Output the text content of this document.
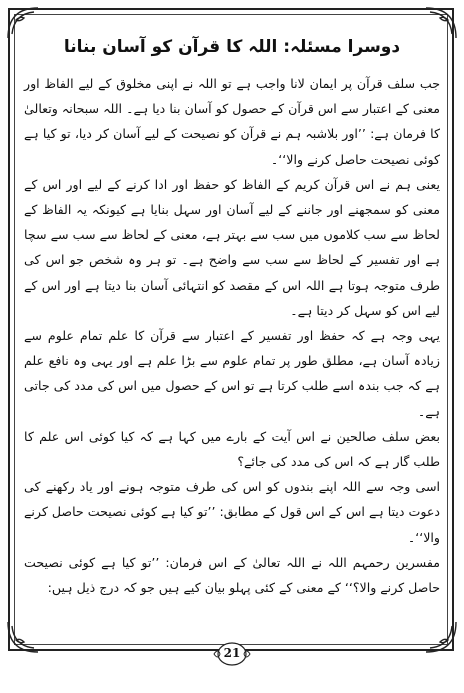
دوسرا مسئلہ: اللہ کا قرآن کو آسان بنانا

جب سلف قرآن پر ایمان لانا واجب ہے تو اللہ نے اپنی مخلوق کے لیے الفاظ اور معنی کے اعتبار سے اس قرآن کے حصول کو آسان بنا دیا ہے۔ اللہ سبحانہ وتعالیٰ کا فرمان ہے: ’’اور بلاشبہ ہم نے قرآن کو نصیحت کے لیے آسان کر دیا، تو کیا ہے کوئی نصیحت حاصل کرنے والا‘‘۔

یعنی ہم نے اس قرآن کریم کے الفاظ کو حفظ اور ادا کرنے کے لیے اور اس کے معنی کو سمجھنے اور جاننے کے لیے آسان اور سہل بنایا ہے کیونکہ یہ الفاظ کے لحاظ سے سب کلاموں میں سب سے بہتر ہے، معنی کے لحاظ سے سب سے سچا ہے اور تفسیر کے لحاظ سے سب سے واضح ہے۔ تو ہر وہ شخص جو اس کی طرف متوجہ ہوتا ہے اللہ اس کے مقصد کو انتہائی آسان بنا دیتا ہے اور اس کے لیے اس کو سہل کر دیتا ہے۔

یہی وجہ ہے کہ حفظ اور تفسیر کے اعتبار سے قرآن کا علم تمام علوم سے زیادہ آسان ہے، مطلق طور پر تمام علوم سے بڑا علم ہے اور یہی وہ نافع علم ہے کہ جب بندہ اسے طلب کرتا ہے تو اس کے حصول میں اس کی مدد کی جاتی ہے۔

بعض سلف صالحین نے اس آیت کے بارے میں کہا ہے کہ کیا کوئی اس علم کا طلب گار ہے کہ اس کی مدد کی جائے؟

اسی وجہ سے اللہ اپنے بندوں کو اس کی طرف متوجہ ہونے اور یاد رکھنے کی دعوت دیتا ہے اس کے اس قول کے مطابق: ’’تو کیا ہے کوئی نصیحت حاصل کرنے والا‘‘۔

مفسرین رحمہم اللہ نے اللہ تعالیٰ کے اس فرمان: ’’تو کیا ہے کوئی نصیحت حاصل کرنے والا؟‘‘ کے معنی کے کئی پہلو بیان کیے ہیں جو کہ درج ذیل ہیں:

21
